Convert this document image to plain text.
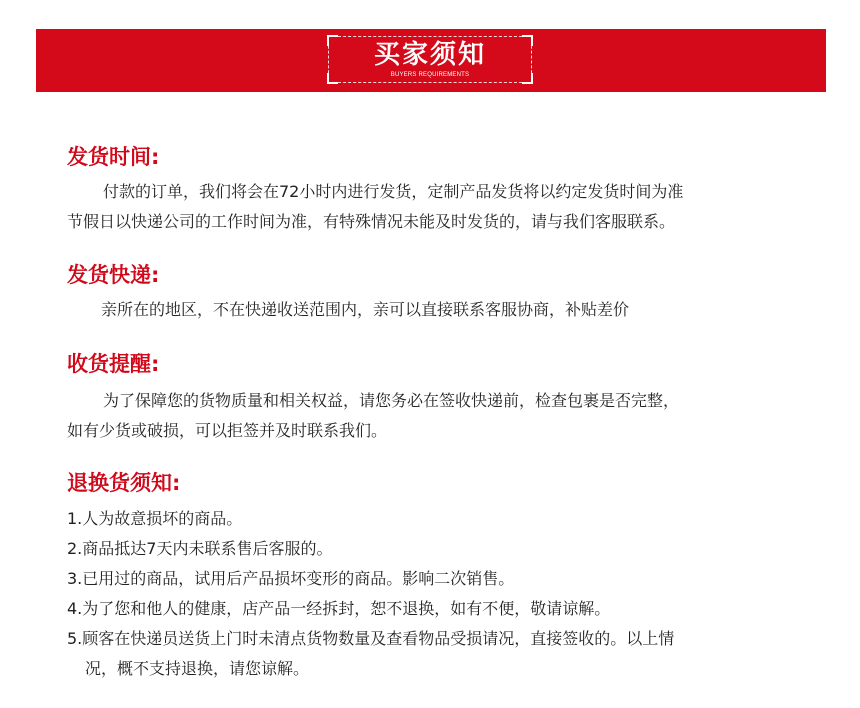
买家须知
BUYERS REQUIREMENTS
发货时间:

付款的订单，我们将会在72小时内进行发货，定制产品发货将以约定发货时间为准

节假日以快递公司的工作时间为准，有特殊情况未能及时发货的，请与我们客服联系。

发货快递:

亲所在的地区，不在快递收送范围内，亲可以直接联系客服协商，补贴差价

收货提醒:

为了保障您的货物质量和相关权益，请您务必在签收快递前，检查包裹是否完整，

如有少货或破损，可以拒签并及时联系我们。

退换货须知:

1.人为故意损坏的商品。

2.商品抵达7天内未联系售后客服的。

3.已用过的商品，试用后产品损坏变形的商品。影响二次销售。

4.为了您和他人的健康，店产品一经拆封，恕不退换，如有不便，敬请谅解。

5.顾客在快递员送货上门时未清点货物数量及查看物品受损请况，直接签收的。以上情

况，概不支持退换，请您谅解。
